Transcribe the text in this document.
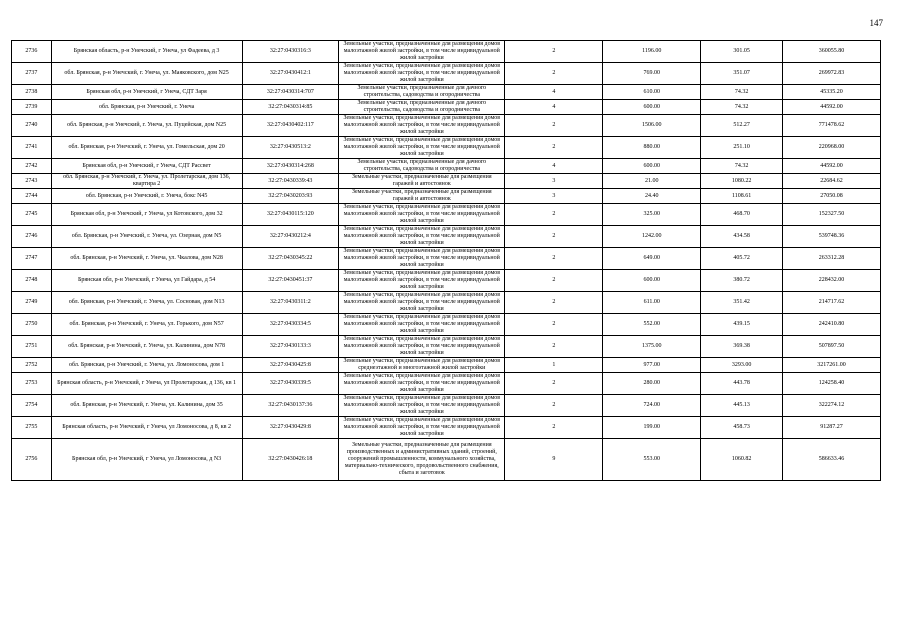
147
2736	Брянская область, р-н Унечский, г Унеча, ул Фадеева, д 3	32:27:0430316:3	Земельные участки, предназначенные для размещения домов малоэтажной жилой застройки, в том числе индивидуальной жилой застройки	2	1196.00	301.05	360055.80
2737	обл. Брянская, р-н Унечский, г. Унеча, ул. Маяковского, дом N25	32:27:0430412:1	Земельные участки, предназначенные для размещения домов малоэтажной жилой застройки, в том числе индивидуальной жилой застройки	2	769.00	351.07	269972.83
2738	Брянская обл, р-н Унечский, г Унеча, СДТ Заря	32:27:0430314:707	Земельные участки, предназначенные для дачного строительства, садоводства и огородничества	4	610.00	74.32	45335.20
2739	обл. Брянская, р-н Унечский, г. Унеча	32:27:0430314:85	Земельные участки, предназначенные для дачного строительства, садоводства и огородничества	4	600.00	74.32	44592.00
2740	обл. Брянская, р-н Унечский, г. Унеча, ул. Пуцейская, дом N25	32:27:0430402:117	Земельные участки, предназначенные для размещения домов малоэтажной жилой застройки, в том числе индивидуальной жилой застройки	2	1506.00	512.27	771478.62
2741	обл. Брянская, р-н Унечский, г. Унеча, ул. Гомельская, дом 20	32:27:0430513:2	Земельные участки, предназначенные для размещения домов малоэтажной жилой застройки, в том числе индивидуальной жилой застройки	2	880.00	251.10	220968.00
2742	Брянская обл, р-н Унечский, г Унеча, СДТ Рассвет	32:27:0430314:268	Земельные участки, предназначенные для дачного строительства, садоводства и огородничества	4	600.00	74.32	44592.00
2743	обл. Брянская, р-н Унечский, г. Унеча, ул. Пролетарская, дом 136, квартира 2	32:27:0430339:43	Земельные участки, предназначенные для размещения гаражей и автостоянок	3	21.00	1080.22	22684.62
2744	обл. Брянская, р-н Унечский, г. Унеча, бокс N45	32:27:0430203:93	Земельные участки, предназначенные для размещения гаражей и автостоянок	3	24.40	1108.61	27050.08
2745	Брянская обл, р-н Унечский, г Унеча, ул Котовского, дом 32	32:27:0430115:120	Земельные участки, предназначенные для размещения домов малоэтажной жилой застройки, в том числе индивидуальной жилой застройки	2	325.00	468.70	152327.50
2746	обл. Брянская, р-н Унечский, г. Унеча, ул. Озерная, дом N5	32:27:0430212:4	Земельные участки, предназначенные для размещения домов малоэтажной жилой застройки, в том числе индивидуальной жилой застройки	2	1242.00	434.58	539748.36
2747	обл. Брянская, р-н Унечский, г. Унеча, ул. Чкалова, дом N28	32:27:0430345:22	Земельные участки, предназначенные для размещения домов малоэтажной жилой застройки, в том числе индивидуальной жилой застройки	2	649.00	405.72	263312.28
2748	Брянская обл, р-н Унечский, г Унеча, ул Гайдара, д 54	32:27:0430451:37	Земельные участки, предназначенные для размещения домов малоэтажной жилой застройки, в том числе индивидуальной жилой застройки	2	600.00	380.72	228432.00
2749	обл. Брянская, р-н Унечский, г. Унеча, ул. Сосновая, дом N13	32:27:0430311:2	Земельные участки, предназначенные для размещения домов малоэтажной жилой застройки, в том числе индивидуальной жилой застройки	2	611.00	351.42	214717.62
2750	обл. Брянская, р-н Унечский, г. Унеча, ул. Горького, дом N57	32:27:0430334:5	Земельные участки, предназначенные для размещения домов малоэтажной жилой застройки, в том числе индивидуальной жилой застройки	2	552.00	439.15	242410.80
2751	обл. Брянская, р-н Унечский, г. Унеча, ул. Калинина, дом N78	32:27:0430133:3	Земельные участки, предназначенные для размещения домов малоэтажной жилой застройки, в том числе индивидуальной жилой застройки	2	1375.00	369.38	507897.50
2752	обл. Брянская, р-н Унечский, г. Унеча, ул. Ломоносова, дом 1	32:27:0430425:8	Земельные участки, предназначенные для размещения домов среднеэтажной и многоэтажной жилой застройки	1	977.00	3293.00	3217261.00
2753	Брянская область, р-н Унечский, г Унеча, ул Пролетарская, д 136, кв 1	32:27:0430339:5	Земельные участки, предназначенные для размещения домов малоэтажной жилой застройки, в том числе индивидуальной жилой застройки	2	280.00	443.78	124258.40
2754	обл. Брянская, р-н Унечский, г. Унеча, ул. Калинина, дом 35	32:27:0430137:36	Земельные участки, предназначенные для размещения домов малоэтажной жилой застройки, в том числе индивидуальной жилой застройки	2	724.00	445.13	322274.12
2755	Брянская область, р-н Унечский, г Унеча, ул Ломоносова, д 8, кв 2	32:27:0430429:8	Земельные участки, предназначенные для размещения домов малоэтажной жилой застройки, в том числе индивидуальной жилой застройки	2	199.00	458.73	91287.27
2756	Брянская обл, р-н Унечский, г Унеча, ул Ломоносова, д N3	32:27:0430426:18	Земельные участки, предназначенные для размещения производственных и административных зданий, строений, сооружений промышленности, коммунального хозяйства, материально-технического, продовольственного снабжения, сбыта и заготовок	9	553.00	1060.82	586633.46
